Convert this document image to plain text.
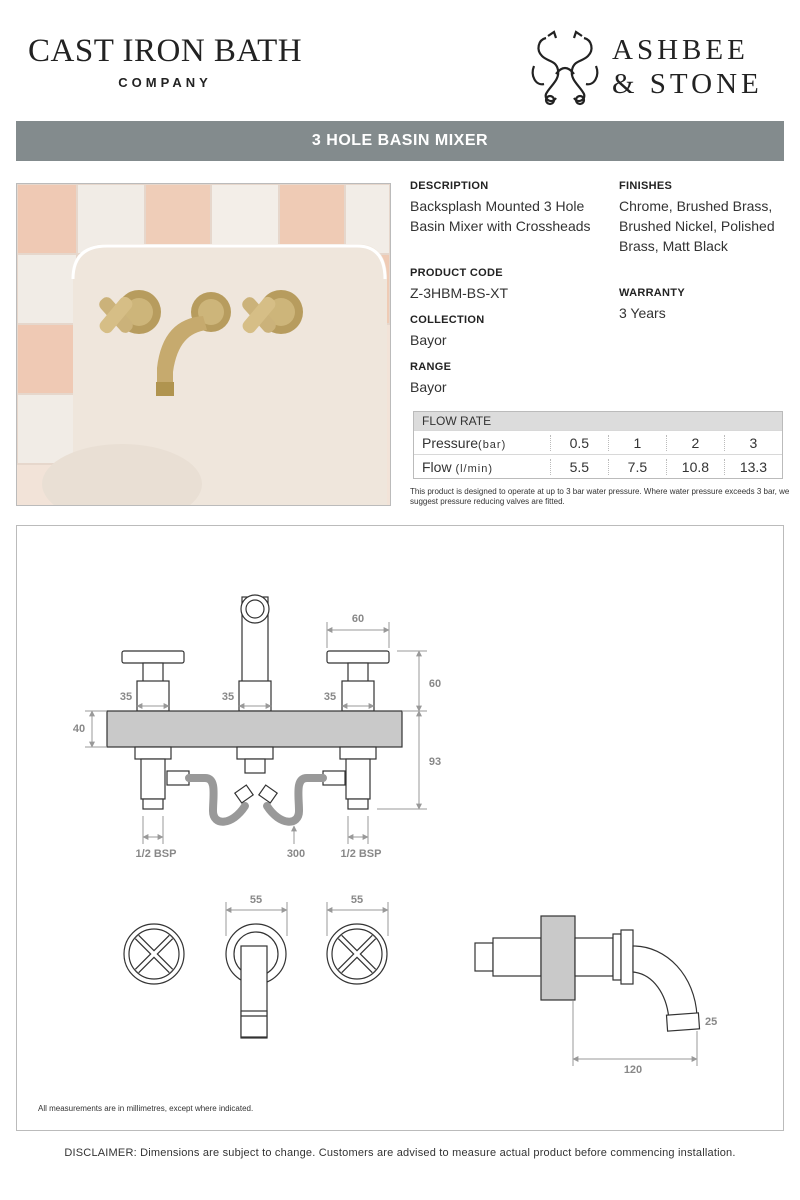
CAST IRON BATH
COMPANY
ASHBEE
& STONE
3 HOLE BASIN MIXER
DESCRIPTION
Backsplash Mounted 3 Hole Basin Mixer with Crossheads
PRODUCT CODE
Z-3HBM-BS-XT
COLLECTION
Bayor
RANGE
Bayor
FINISHES
Chrome, Brushed Brass, Brushed Nickel, Polished Brass, Matt Black
WARRANTY
3 Years
FLOW RATE
Pressure(bar)	0.5	1	2	3
Flow (l/min)	5.5	7.5	10.8	13.3
This product is designed to operate at up to 3 bar water pressure. Where water pressure exceeds 3 bar, we suggest pressure reducing valves are fitted.
60
35	35	35
40
60
93
1/2 BSP	300	1/2 BSP
55	55
120
25
All measurements are in millimetres, except where indicated.
DISCLAIMER: Dimensions are subject to change. Customers are advised to measure actual product before commencing installation.
